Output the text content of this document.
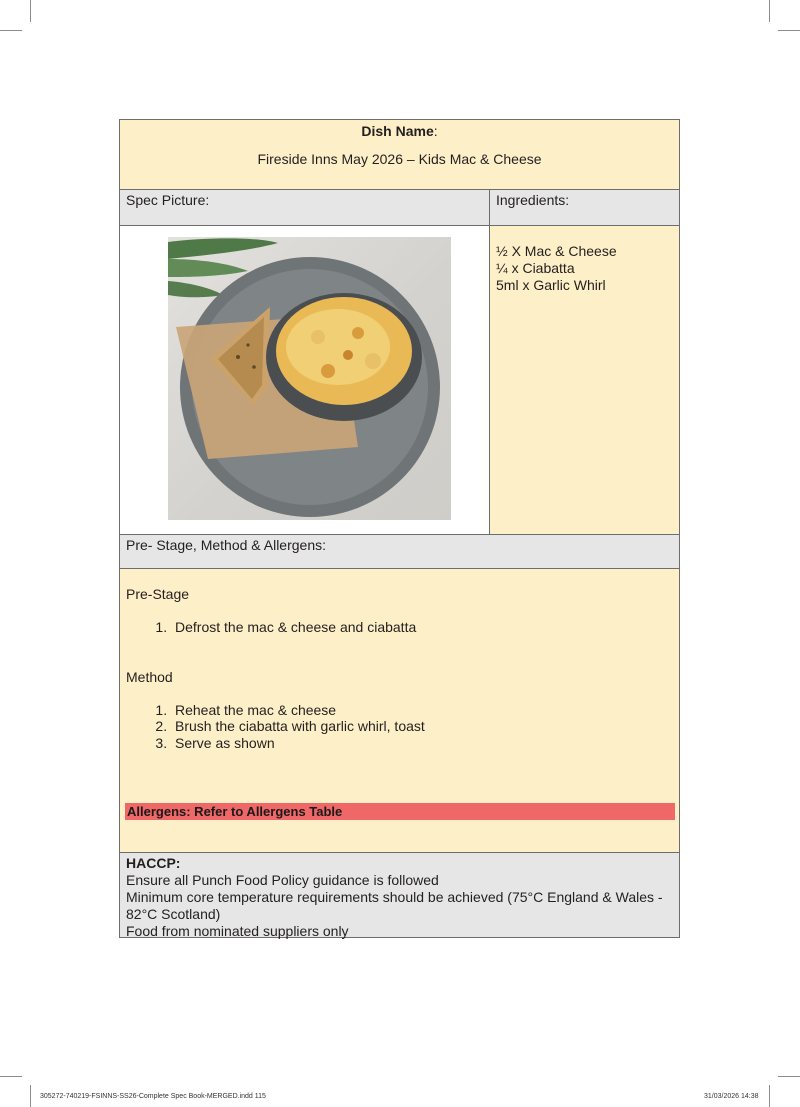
Dish Name:
Fireside Inns May 2026 – Kids Mac & Cheese
Spec Picture:	Ingredients:
½ X Mac & Cheese
¼ x Ciabatta
5ml x Garlic Whirl
Pre- Stage, Method & Allergens:

Pre-Stage

1. Defrost the mac & cheese and ciabatta

Method

1. Reheat the mac & cheese
2. Brush the ciabatta with garlic whirl, toast
3. Serve as shown
Allergens: Refer to Allergens Table
HACCP:
Ensure all Punch Food Policy guidance is followed
Minimum core temperature requirements should be achieved (75°C England & Wales - 82°C Scotland)
Food from nominated suppliers only
305272-740219-FSINNS-SS26-Complete Spec Book-MERGED.indd 115	31/03/2026 14:38
